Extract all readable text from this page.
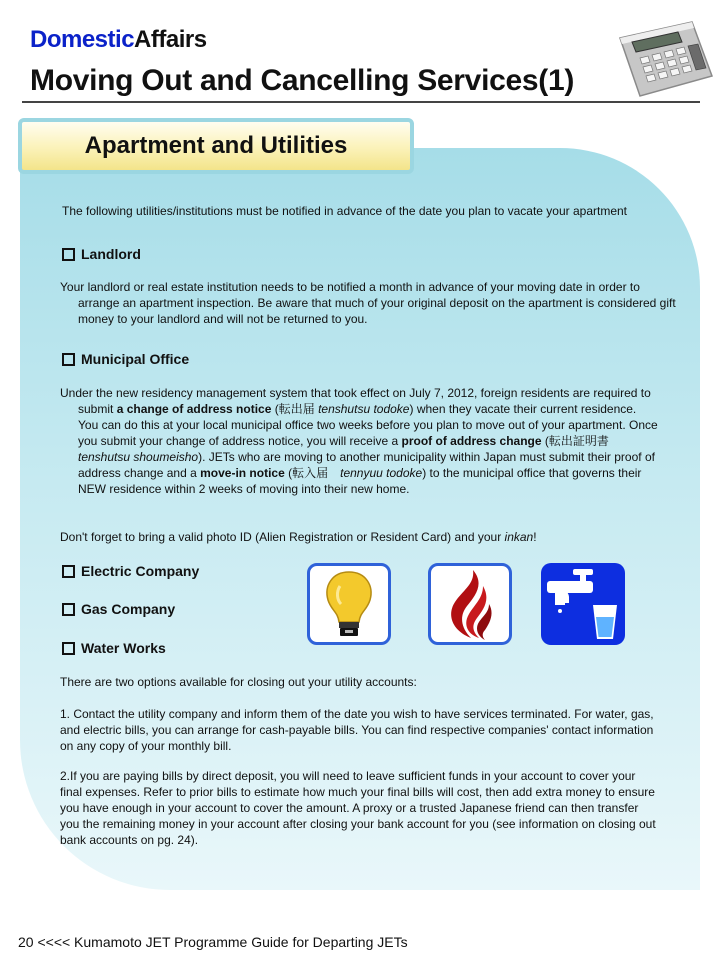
DomesticAffairs
Moving Out and Cancelling Services(1)
Apartment and Utilities
The following utilities/institutions must be notified in advance of the date you plan to vacate your apartment
Landlord
Your landlord or real estate institution needs to be notified a month in advance of your moving date in order to arrange an apartment inspection. Be aware that much of your original deposit on the apartment is considered gift money to your landlord and will not be returned to you.
Municipal Office
Under the new residency management system that took effect on July 7, 2012, foreign residents are required to submit a change of address notice (転出届 tenshutsu todoke) when they vacate their current residence. You can do this at your local municipal office two weeks before you plan to move out of your apartment. Once you submit your change of address notice, you will receive a proof of address change (転出証明書 tenshutsu shoumeisho). JETs who are moving to another municipality within Japan must submit their proof of address change and a move-in notice (転入届　tennyuu todoke) to the municipal office that governs their NEW residence within 2 weeks of moving into their new home.
Don't forget to bring a valid photo ID (Alien Registration or Resident Card) and your inkan!
Electric Company
Gas Company
Water Works
There are two options available for closing out your utility accounts:
1. Contact the utility company and inform them of the date you wish to have services terminated. For water, gas, and electric bills, you can arrange for cash-payable bills. You can find respective companies' contact information on any copy of your monthly bill.
2.If you are paying bills by direct deposit, you will need to leave sufficient funds in your account to cover your final expenses. Refer to prior bills to estimate how much your final bills will cost, then add extra money to ensure you have enough in your account to cover the amount. A proxy or a trusted Japanese friend can then transfer you the remaining money in your account after closing your bank account for you (see information on closing out bank accounts on pg. 24).
20 <<<< Kumamoto JET Programme Guide for Departing JETs
